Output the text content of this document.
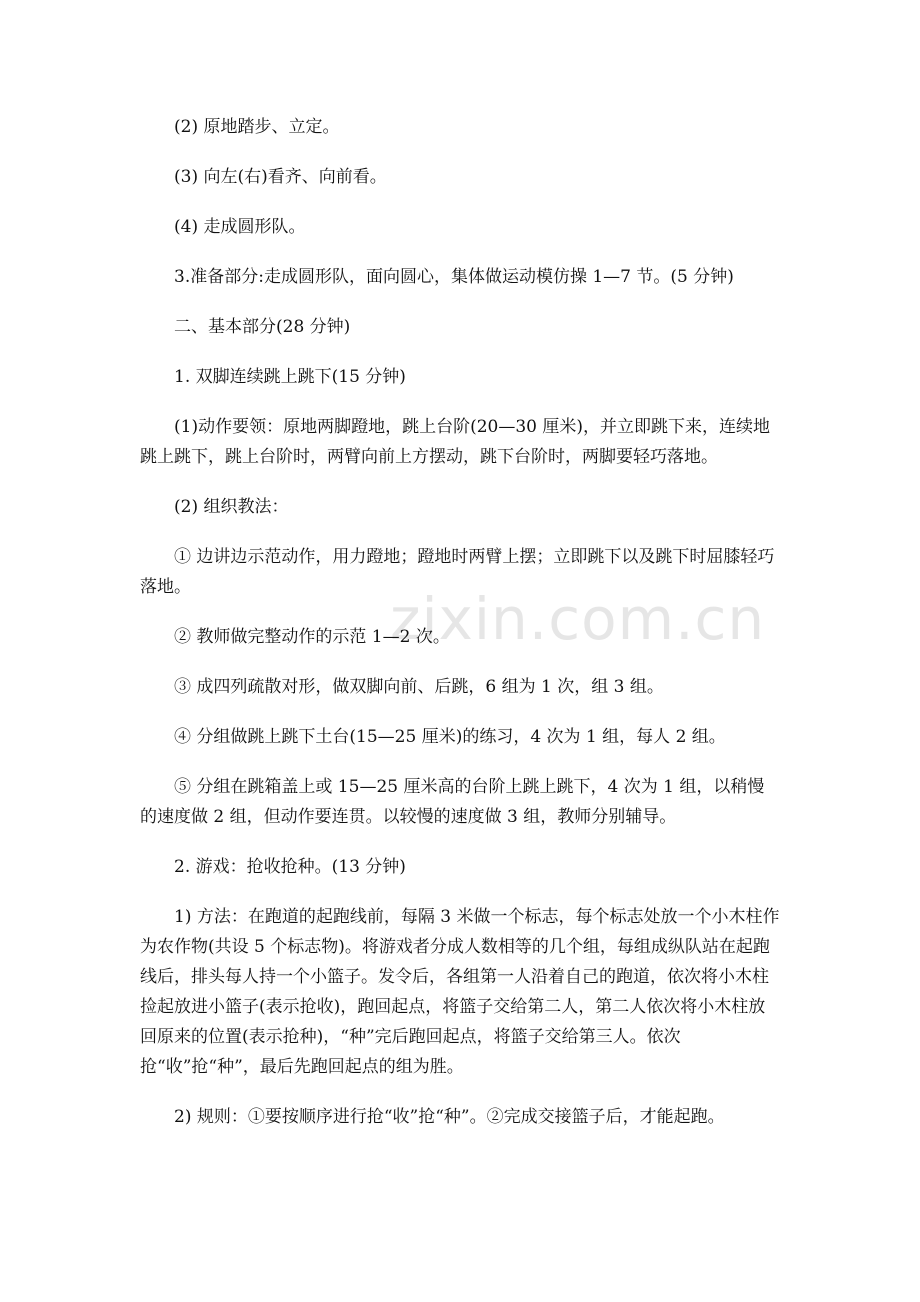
zixin.com.cn

(2) 原地踏步、立定。

(3) 向左(右)看齐、向前看。

(4) 走成圆形队。

3.准备部分:走成圆形队，面向圆心，集体做运动模仿操 1—7 节。(5 分钟)

二、基本部分(28 分钟)

1. 双脚连续跳上跳下(15 分钟)

(1)动作要领：原地两脚蹬地，跳上台阶(20—30 厘米)，并立即跳下来，连续地跳上跳下，跳上台阶时，两臂向前上方摆动，跳下台阶时，两脚要轻巧落地。

(2) 组织教法：

① 边讲边示范动作，用力蹬地；蹬地时两臂上摆；立即跳下以及跳下时屈膝轻巧落地。

② 教师做完整动作的示范 1—2 次。

③ 成四列疏散对形，做双脚向前、后跳，6 组为 1 次，组 3 组。

④ 分组做跳上跳下土台(15—25 厘米)的练习，4 次为 1 组，每人 2 组。

⑤ 分组在跳箱盖上或 15—25 厘米高的台阶上跳上跳下，4 次为 1 组，以稍慢的速度做 2 组，但动作要连贯。以较慢的速度做 3 组，教师分别辅导。

2. 游戏：抢收抢种。(13 分钟)

1) 方法：在跑道的起跑线前，每隔 3 米做一个标志，每个标志处放一个小木柱作为农作物(共设 5 个标志物)。将游戏者分成人数相等的几个组，每组成纵队站在起跑线后，排头每人持一个小篮子。发令后，各组第一人沿着自己的跑道，依次将小木柱捡起放进小篮子(表示抢收)，跑回起点，将篮子交给第二人，第二人依次将小木柱放回原来的位置(表示抢种)，“种”完后跑回起点，将篮子交给第三人。依次抢“收”抢“种”，最后先跑回起点的组为胜。

2) 规则：①要按顺序进行抢“收”抢“种”。②完成交接篮子后，才能起跑。
